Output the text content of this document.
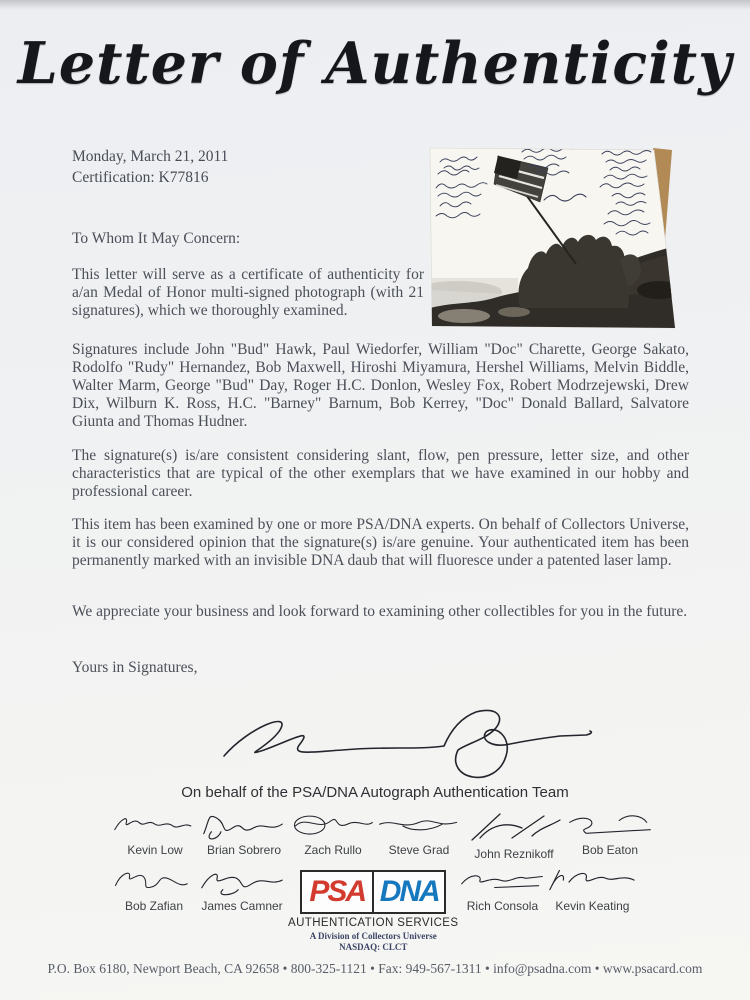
Letter of Authenticity
Monday, March 21, 2011
Certification: K77816
To Whom It May Concern:
This letter will serve as a certificate of authenticity for a/an Medal of Honor multi-signed photograph (with 21 signatures), which we thoroughly examined.
Signatures include John "Bud" Hawk, Paul Wiedorfer, William "Doc" Charette, George Sakato, Rodolfo "Rudy" Hernandez, Bob Maxwell, Hiroshi Miyamura, Hershel Williams, Melvin Biddle, Walter Marm, George "Bud" Day, Roger H.C. Donlon, Wesley Fox, Robert Modrzejewski, Drew Dix, Wilburn K. Ross, H.C. "Barney" Barnum, Bob Kerrey, "Doc" Donald Ballard, Salvatore Giunta and Thomas Hudner.
The signature(s) is/are consistent considering slant, flow, pen pressure, letter size, and other characteristics that are typical of the other exemplars that we have examined in our hobby and professional career.
This item has been examined by one or more PSA/DNA experts. On behalf of Collectors Universe, it is our considered opinion that the signature(s) is/are genuine. Your authenticated item has been permanently marked with an invisible DNA daub that will fluoresce under a patented laser lamp.
We appreciate your business and look forward to examining other collectibles for you in the future.
Yours in Signatures,
On behalf of the PSA/DNA Autograph Authentication Team
Kevin Low Brian Sobrero Zach Rullo Steve Grad John Reznikoff Bob Eaton
Bob Zafian James Camner PSA DNA
AUTHENTICATION SERVICES
A Division of Collectors Universe
NASDAQ: CLCT
Rich Consola Kevin Keating
P.O. Box 6180, Newport Beach, CA 92658 • 800-325-1121 • Fax: 949-567-1311 • info@psadna.com • www.psacard.com
